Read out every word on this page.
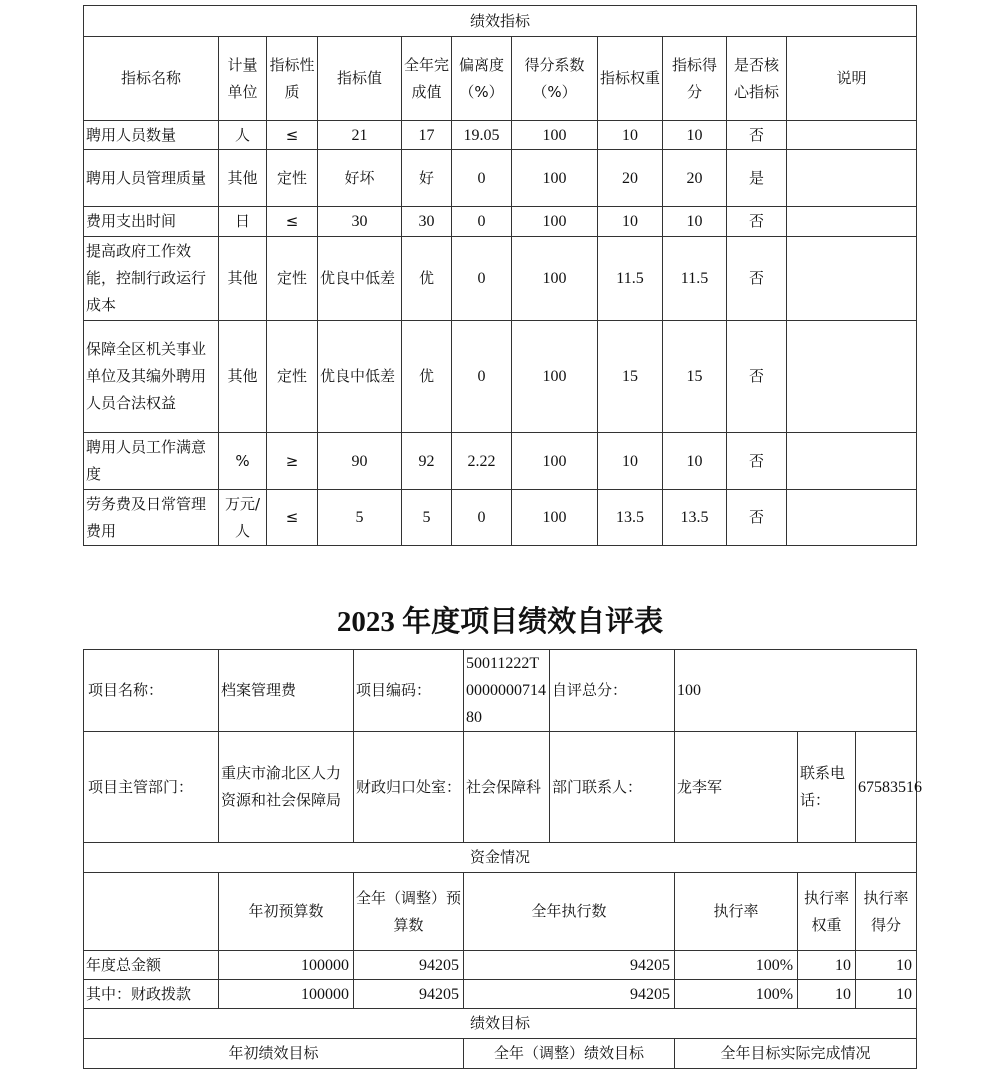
绩效指标										
指标名称	计量单位	指标性质	指标值	全年完成值	偏离度（%）	得分系数（%）	指标权重	指标得分	是否核心指标	说明
聘用人员数量	人	≤	21	17	19.05	100	10	10	否	
聘用人员管理质量	其他	定性	好坏	好	0	100	20	20	是	
费用支出时间	日	≤	30	30	0	100	10	10	否	
提高政府工作效能，控制行政运行成本	其他	定性	优良中低差	优	0	100	11.5	11.5	否	
保障全区机关事业单位及其编外聘用人员合法权益	其他	定性	优良中低差	优	0	100	15	15	否	
聘用人员工作满意度	%	≥	90	92	2.22	100	10	10	否	
劳务费及日常管理费用	万元/人	≤	5	5	0	100	13.5	13.5	否	
2023 年度项目绩效自评表
项目名称：	档案管理费	项目编码：	50011222T000000071480	自评总分：	100		
项目主管部门：	重庆市渝北区人力资源和社会保障局	财政归口处室：	社会保障科	部门联系人：	龙李军	联系电话：	67583516
资金情况							
	年初预算数	全年（调整）预算数	全年执行数		执行率	执行率权重	执行率得分
年度总金额	100000	94205	94205		100%	10	10
其中：财政拨款	100000	94205	94205		100%	10	10
绩效目标							
年初绩效目标			全年（调整）绩效目标		全年目标实际完成情况		
